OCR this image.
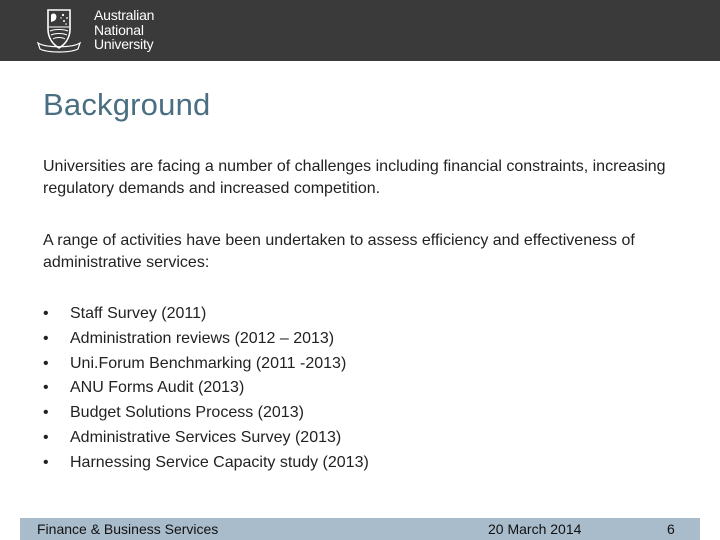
Australian
National
University
Background

Universities are facing a number of challenges including financial constraints, increasing regulatory demands and increased competition.

A range of activities have been undertaken to assess efficiency and effectiveness of administrative services:

• Staff Survey (2011)
• Administration reviews (2012 – 2013)
• Uni.Forum Benchmarking (2011 -2013)
• ANU Forms Audit (2013)
• Budget Solutions Process (2013)
• Administrative Services Survey (2013)
• Harnessing Service Capacity study (2013)
Finance & Business Services	20 March 2014	6
